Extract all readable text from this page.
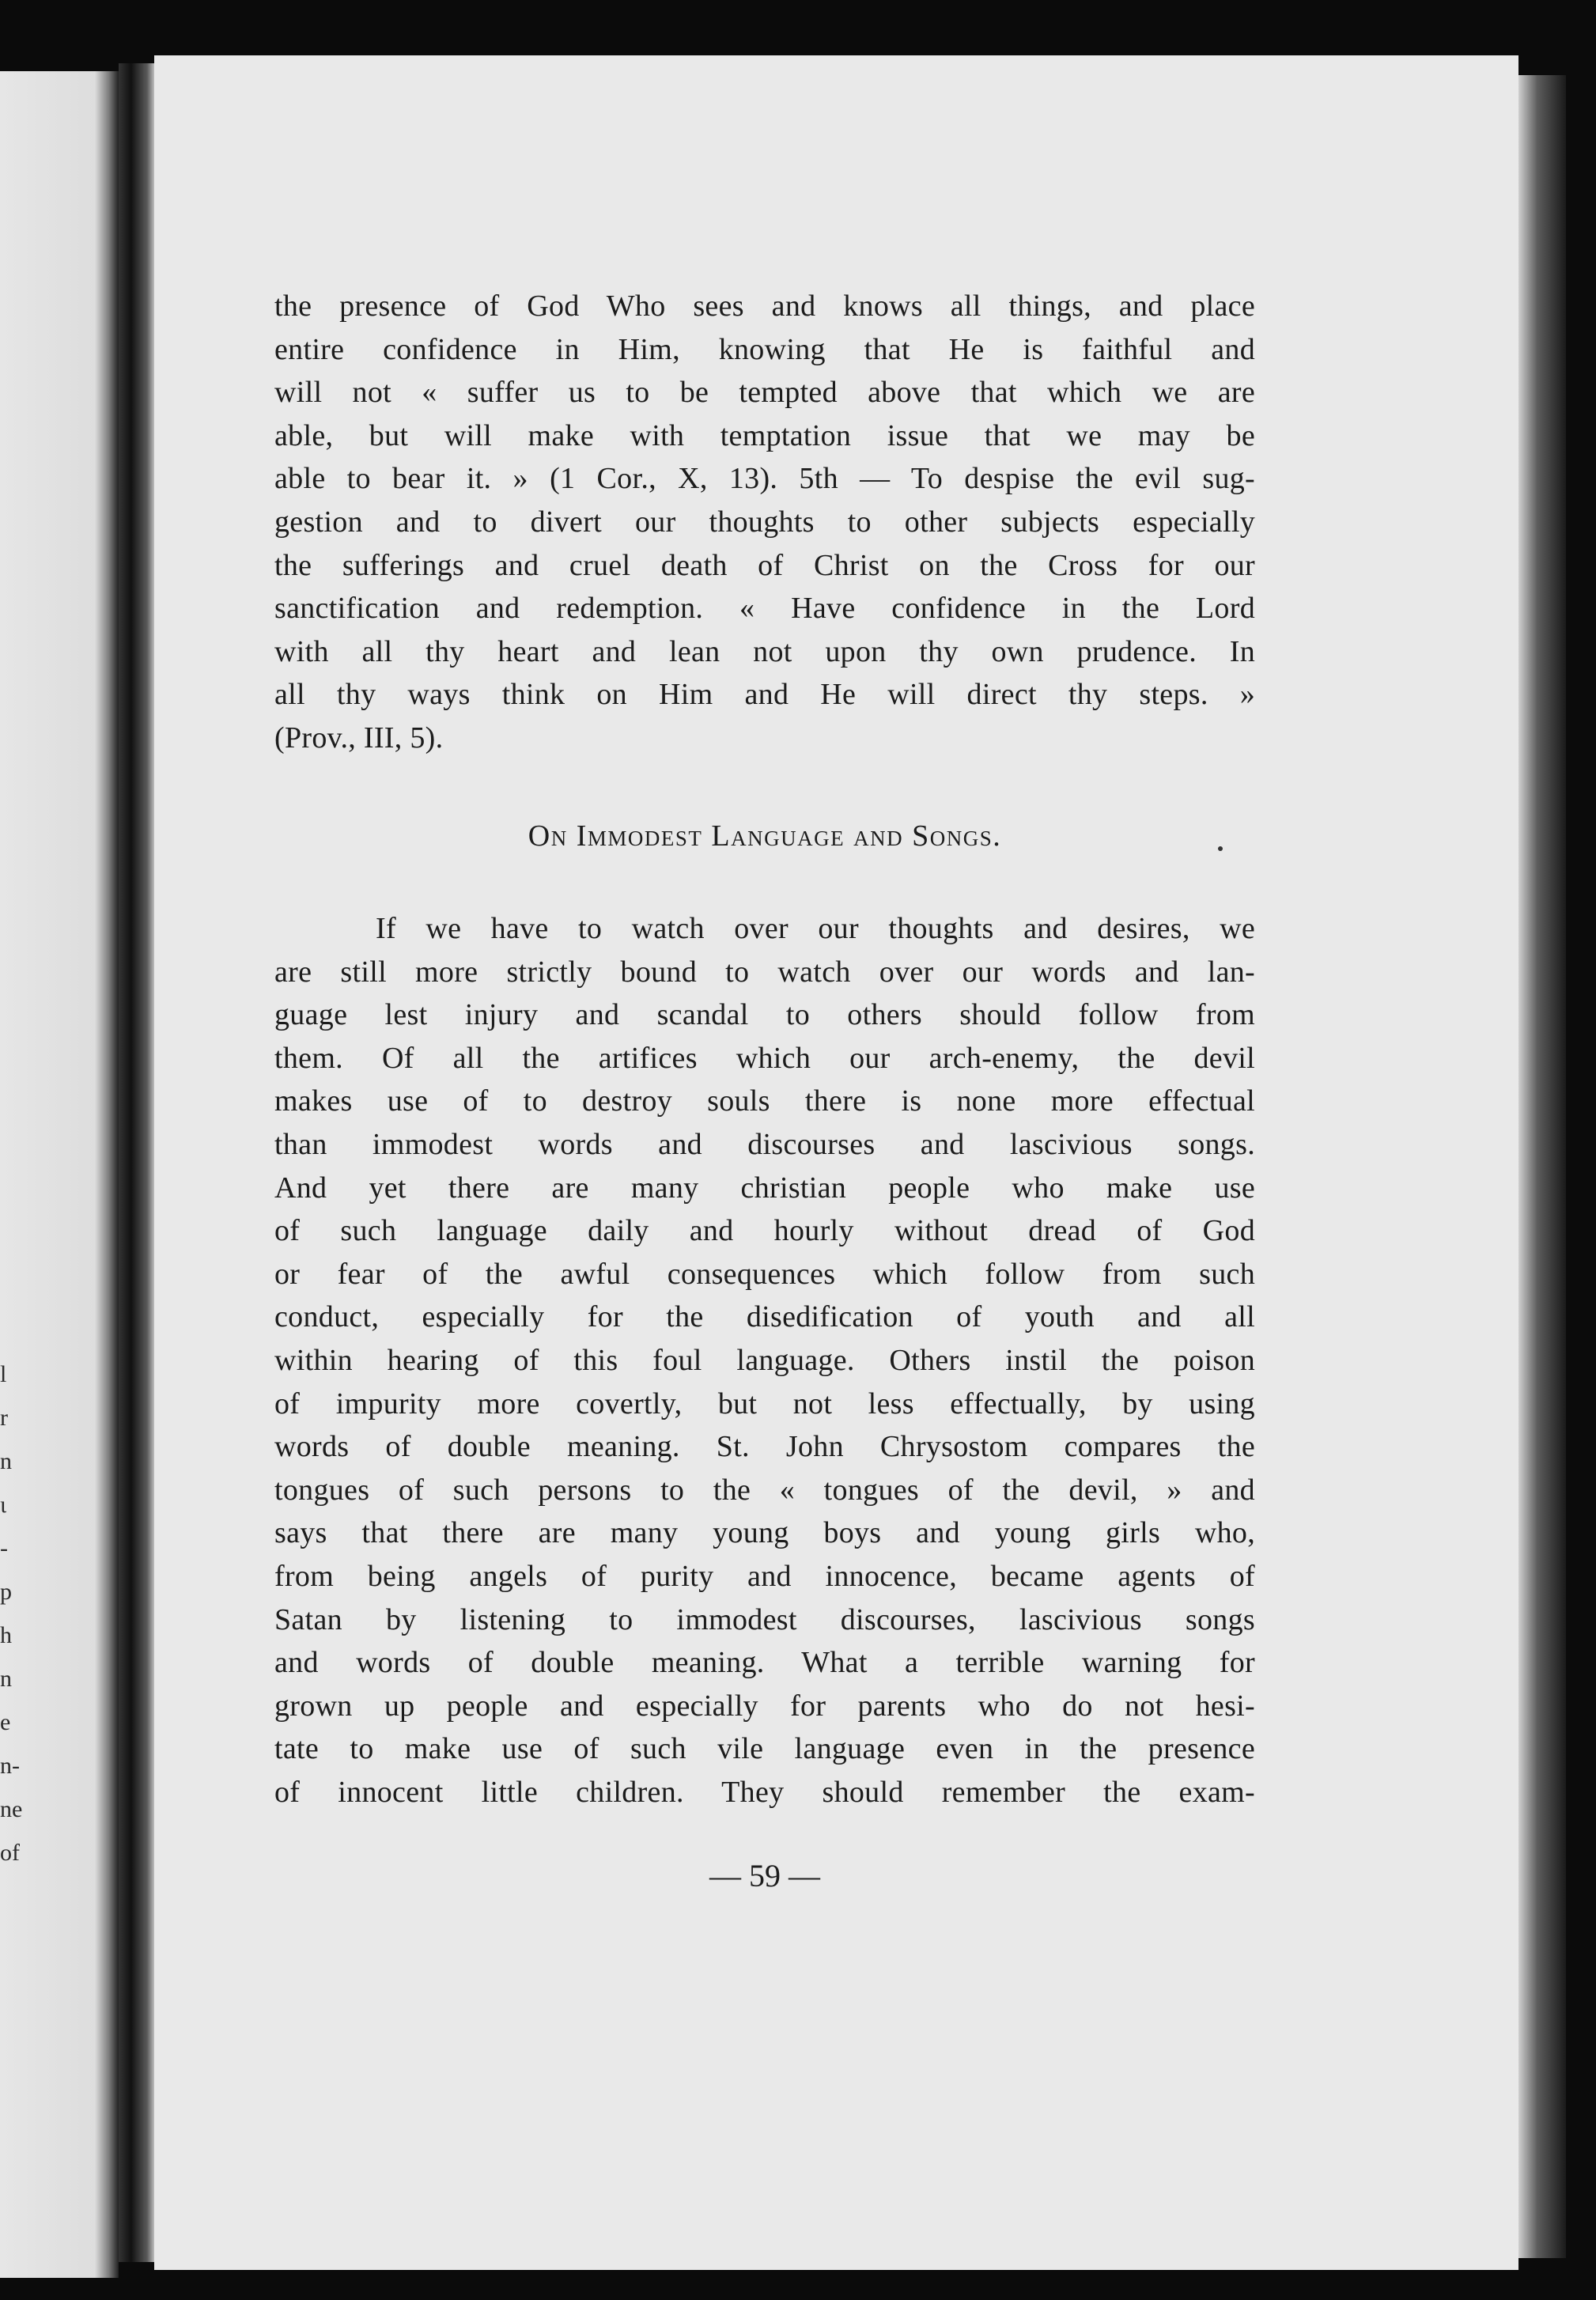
l
r
n
ι
-
p
h
n
e
n-
ne
of
the presence of God Who sees and knows all things, and place
entire confidence in Him, knowing that He is faithful and
will not « suffer us to be tempted above that which we are
able, but will make with temptation issue that we may be
able to bear it. » (1 Cor., X, 13). 5th — To despise the evil sug-
gestion and to divert our thoughts to other subjects especially
the sufferings and cruel death of Christ on the Cross for our
sanctification and redemption. « Have confidence in the Lord
with all thy heart and lean not upon thy own prudence. In
all thy ways think on Him and He will direct thy steps. »
(Prov., III, 5).
On Immodest Language and Songs.
If we have to watch over our thoughts and desires, we
are still more strictly bound to watch over our words and lan-
guage lest injury and scandal to others should follow from
them. Of all the artifices which our arch-enemy, the devil
makes use of to destroy souls there is none more effectual
than immodest words and discourses and lascivious songs.
And yet there are many christian people who make use
of such language daily and hourly without dread of God
or fear of the awful consequences which follow from such
conduct, especially for the disedification of youth and all
within hearing of this foul language. Others instil the poison
of impurity more covertly, but not less effectually, by using
words of double meaning. St. John Chrysostom compares the
tongues of such persons to the « tongues of the devil, » and
says that there are many young boys and young girls who,
from being angels of purity and innocence, became agents of
Satan by listening to immodest discourses, lascivious songs
and words of double meaning. What a terrible warning for
grown up people and especially for parents who do not hesi-
tate to make use of such vile language even in the presence
of innocent little children. They should remember the exam-
— 59 —
